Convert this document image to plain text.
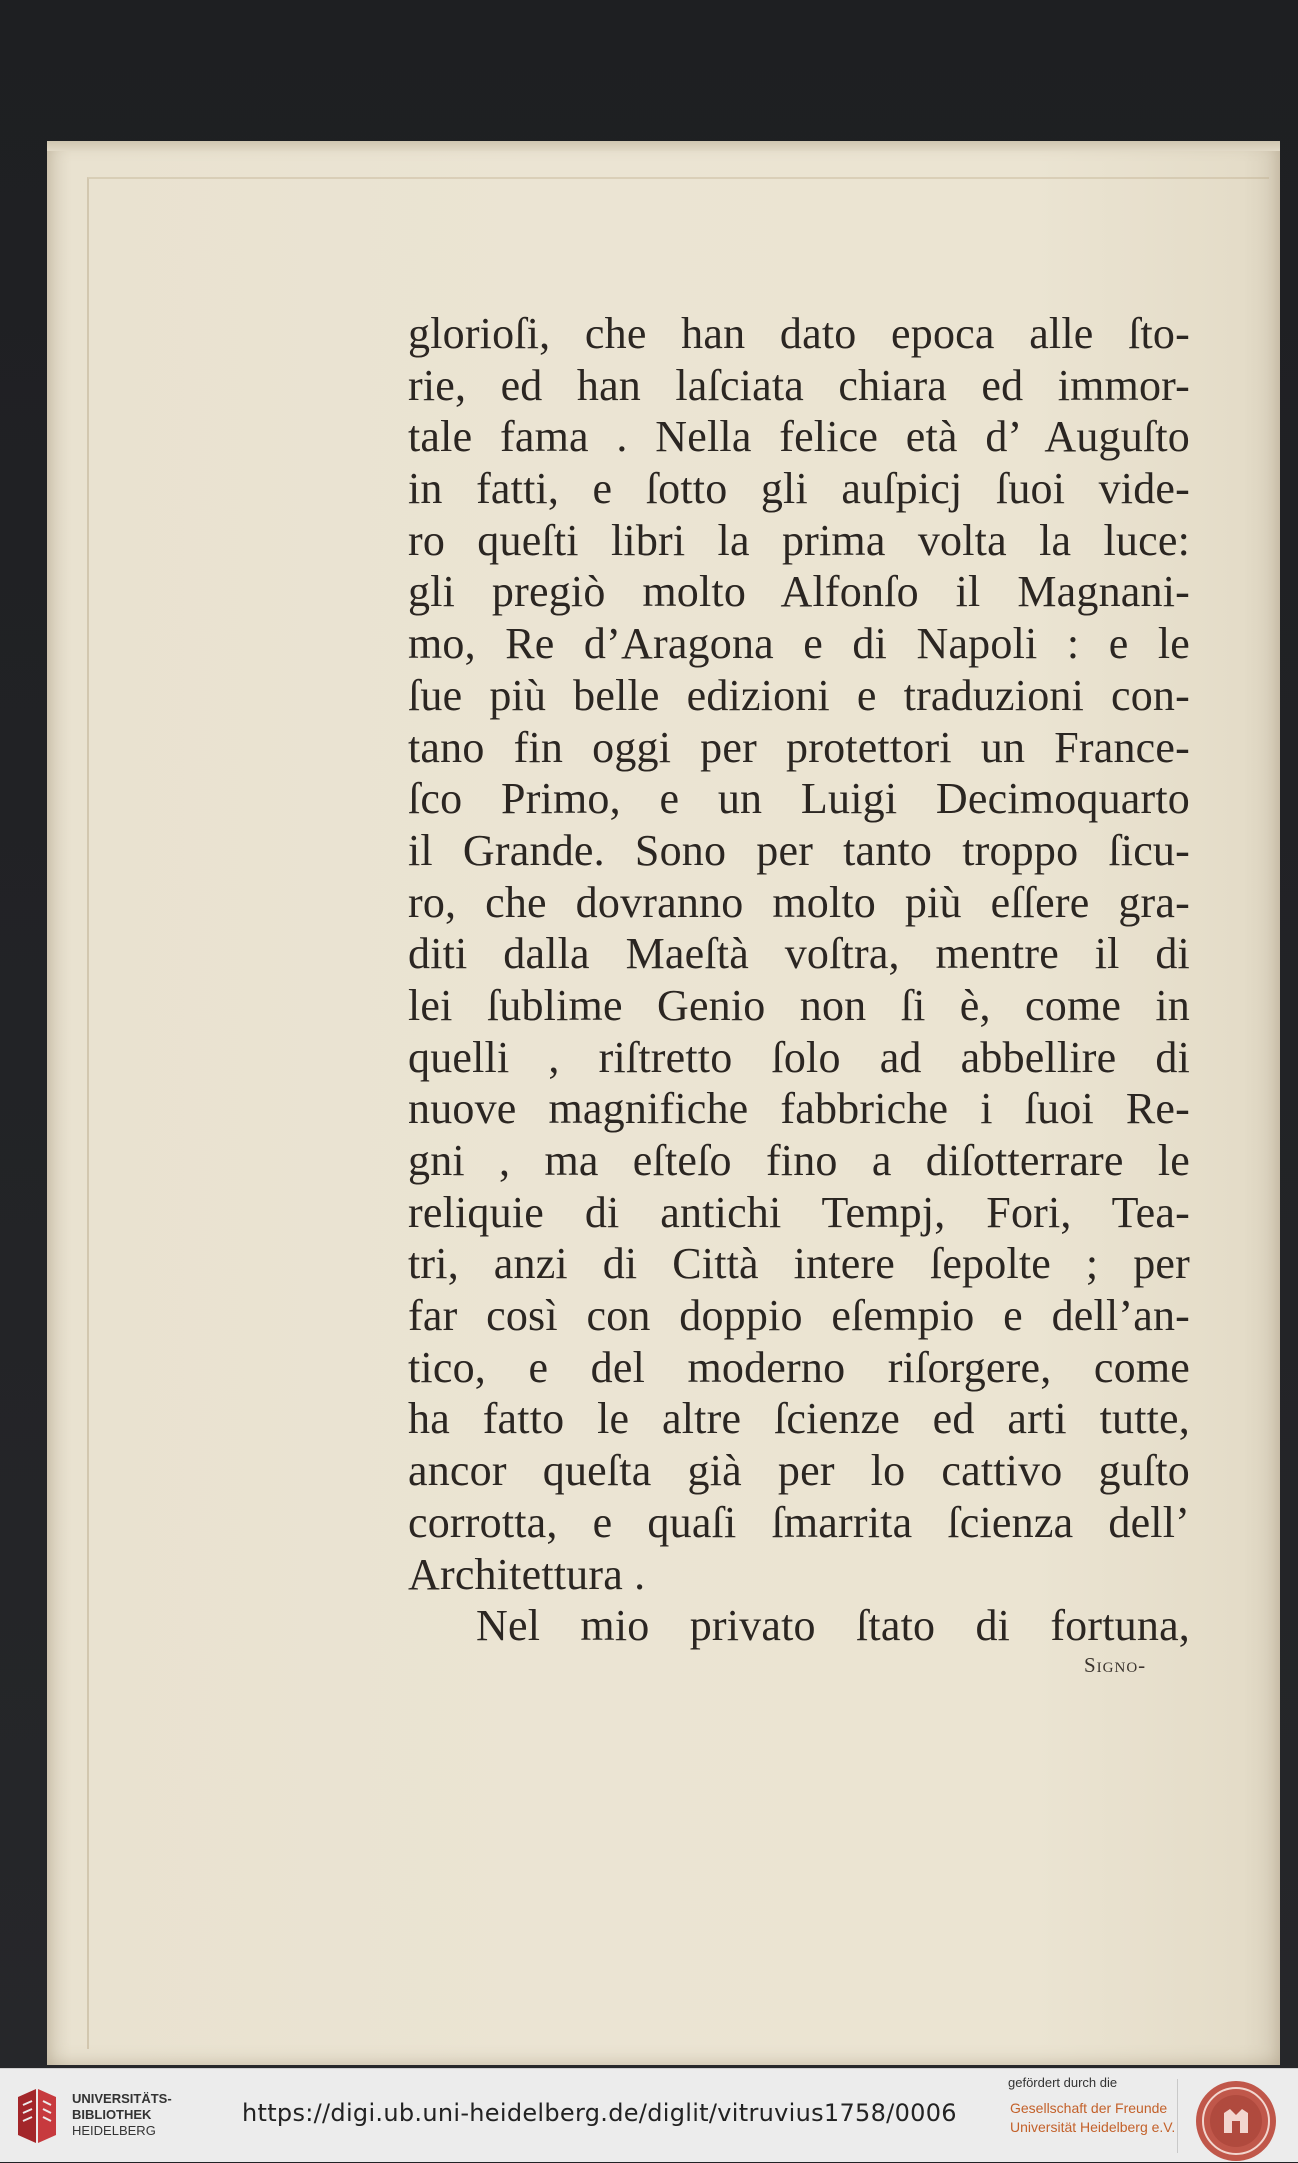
glorioſi, che han dato epoca alle ſto-
rie, ed han laſciata chiara ed immor-
tale fama . Nella felice età d’ Auguſto
in fatti, e ſotto gli auſpicj ſuoi vide-
ro queſti libri la prima volta la luce:
gli pregiò molto Alfonſo il Magnani-
mo, Re d’Aragona e di Napoli : e le
ſue più belle edizioni e traduzioni con-
tano fin oggi per protettori un France-
ſco Primo, e un Luigi Decimoquarto
il Grande. Sono per tanto troppo ſicu-
ro, che dovranno molto più eſſere gra-
diti dalla Maeſtà voſtra, mentre il di
lei ſublime Genio non ſi è, come in
quelli , riſtretto ſolo ad abbellire di
nuove magnifiche fabbriche i ſuoi Re-
gni , ma eſteſo fino a diſotterrare le
reliquie di antichi Tempj, Fori, Tea-
tri, anzi di Città intere ſepolte ; per
far così con doppio eſempio e dell’an-
tico, e del moderno riſorgere, come
ha fatto le altre ſcienze ed arti tutte,
ancor queſta già per lo cattivo guſto
corrotta, e quaſi ſmarrita ſcienza dell’
Architettura .
Nel mio privato ſtato di fortuna,
Signo-
UNIVERSITÄTS-
BIBLIOTHEK
HEIDELBERG
https://digi.ub.uni-heidelberg.de/diglit/vitruvius1758/0006
gefördert durch die
Gesellschaft der Freunde
Universität Heidelberg e.V.
